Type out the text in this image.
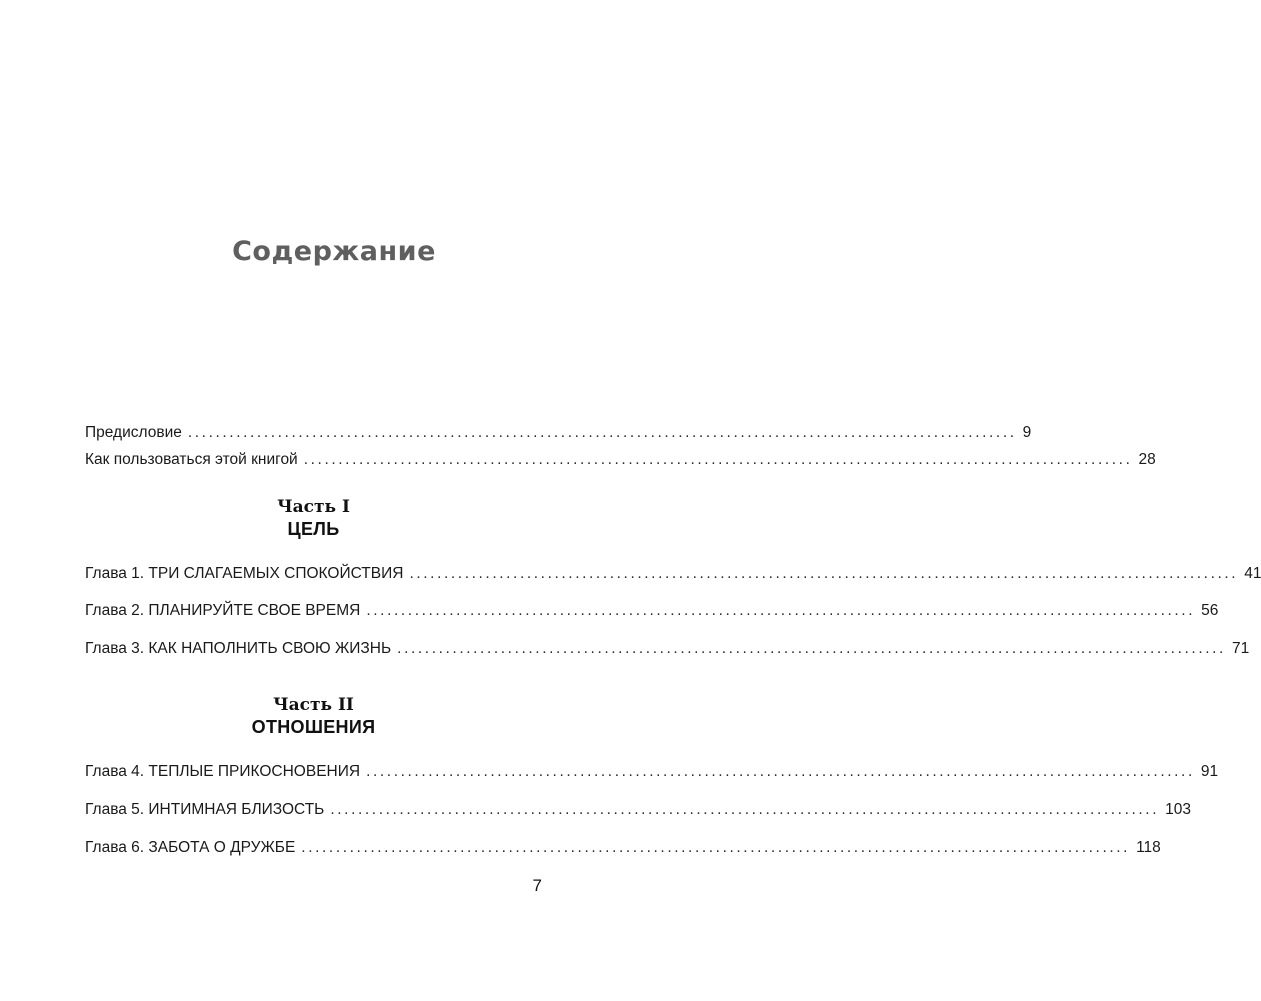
Содержание
Предисловие ........................................................................................................................ 9
Как пользоваться этой книгой ........................................................................................................................ 28
Часть I
ЦЕЛЬ
Глава 1. ТРИ СЛАГАЕМЫХ СПОКОЙСТВИЯ ........................................................................................................................ 41
Глава 2. ПЛАНИРУЙТЕ СВОЕ ВРЕМЯ ........................................................................................................................ 56
Глава 3. КАК НАПОЛНИТЬ СВОЮ ЖИЗНЬ ........................................................................................................................ 71
Часть II
ОТНОШЕНИЯ
Глава 4. ТЕПЛЫЕ ПРИКОСНОВЕНИЯ ........................................................................................................................ 91
Глава 5. ИНТИМНАЯ БЛИЗОСТЬ ........................................................................................................................ 103
Глава 6. ЗАБОТА О ДРУЖБЕ ........................................................................................................................ 118
7
